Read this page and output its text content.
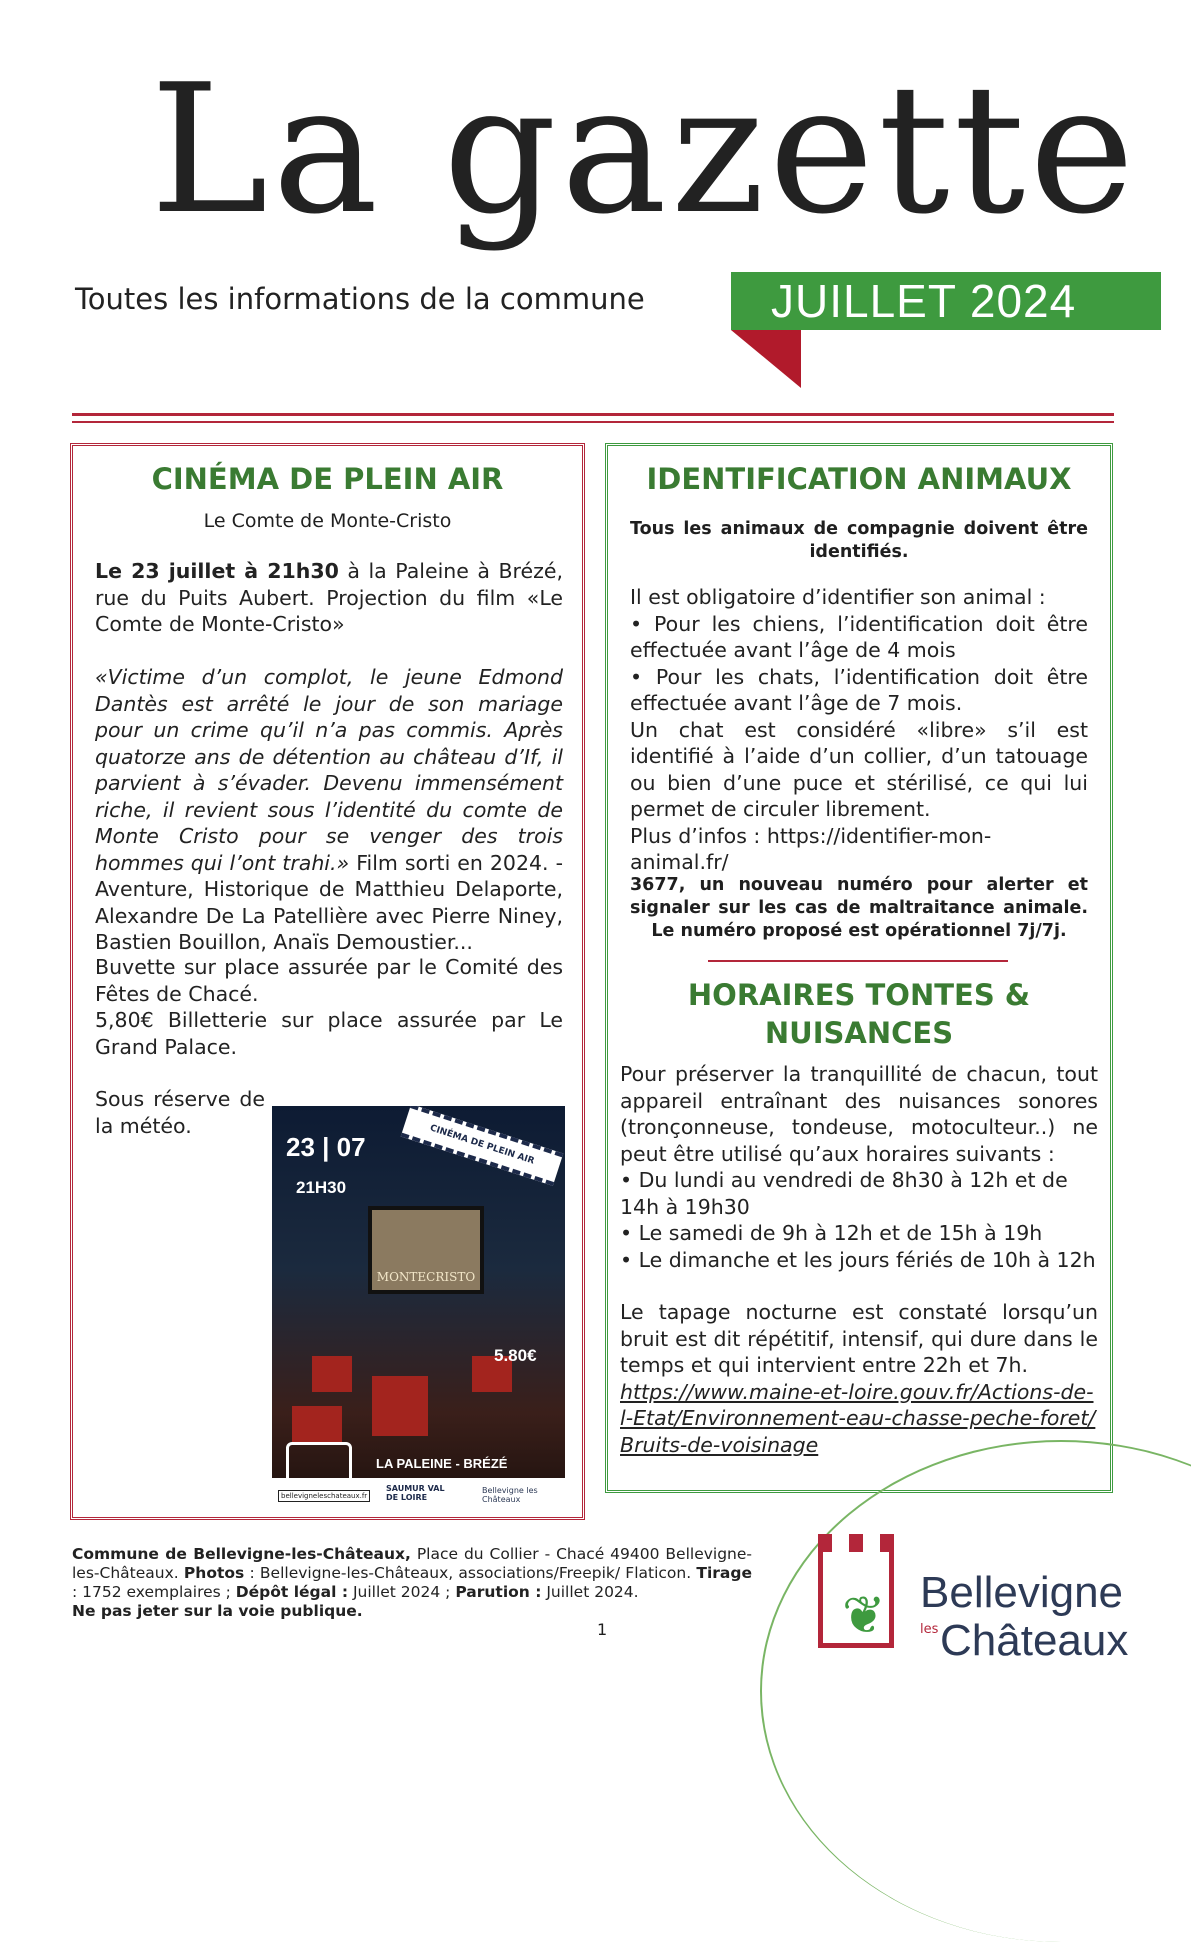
La gazette
Toutes les informations de la commune	JUILLET 2024
CINÉMA DE PLEIN AIR
Le Comte de Monte-Cristo
Le 23 juillet à 21h30 à la Paleine à Brézé, rue du Puits Aubert. Projection du film «Le Comte de Monte-Cristo»
«Victime d’un complot, le jeune Edmond Dantès est arrêté le jour de son mariage pour un crime qu’il n’a pas commis. Après quatorze ans de détention au château d’If, il parvient à s’évader. Devenu immensément riche, il revient sous l’identité du comte de Monte Cristo pour se venger des trois hommes qui l’ont trahi.» Film sorti en 2024. - Aventure, Historique de Matthieu Delaporte, Alexandre De La Patellière avec Pierre Niney, Bastien Bouillon, Anaïs Demoustier...
Buvette sur place assurée par le Comité des Fêtes de Chacé.
5,80€ Billetterie sur place assurée par Le Grand Palace.
Sous réserve de la météo.
23 | 07
21H30
CINÉMA DE PLEIN AIR
MONTECRISTO
5.80€
LA PALEINE - BRÉZÉ
bellevigneleschateaux.fr
SAUMUR VAL DE LOIRE
Bellevigne les Châteaux
IDENTIFICATION ANIMAUX
Tous les animaux de compagnie doivent être identifiés.
Il est obligatoire d’identifier son animal :
• Pour les chiens, l’identification doit être effectuée avant l’âge de 4 mois
• Pour les chats, l’identification doit être effectuée avant l’âge de 7 mois.
Un chat est considéré «libre» s’il est identifié à l’aide d’un collier, d’un tatouage ou bien d’une puce et stérilisé, ce qui lui permet de circuler librement.
Plus d’infos : https://identifier-mon-animal.fr/
3677, un nouveau numéro pour alerter et signaler sur les cas de maltraitance animale. Le numéro proposé est opérationnel 7j/7j.
HORAIRES TONTES & NUISANCES
Pour préserver la tranquillité de chacun, tout appareil entraînant des nuisances sonores (tronçonneuse, tondeuse, motoculteur..) ne peut être utilisé qu’aux horaires suivants :
• Du lundi au vendredi de 8h30 à 12h et de 14h à 19h30
• Le samedi de 9h à 12h et de 15h à 19h
• Le dimanche et les jours fériés de 10h à 12h
Le tapage nocturne est constaté lorsqu’un bruit est dit répétitif, intensif, qui dure dans le temps et qui intervient entre 22h et 7h.
https://www.maine-et-loire.gouv.fr/Actions-de-l-Etat/Environnement-eau-chasse-peche-foret/Bruits-de-voisinage
Commune de Bellevigne-les-Châteaux, Place du Collier - Chacé 49400 Bellevigne-les-Châteaux. Photos : Bellevigne-les-Châteaux, associations/Freepik/ Flaticon. Tirage : 1752 exemplaires ; Dépôt légal : Juillet 2024 ; Parution : Juillet 2024.
Ne pas jeter sur la voie publique.
1	❦ Bellevigne
les Châteaux
